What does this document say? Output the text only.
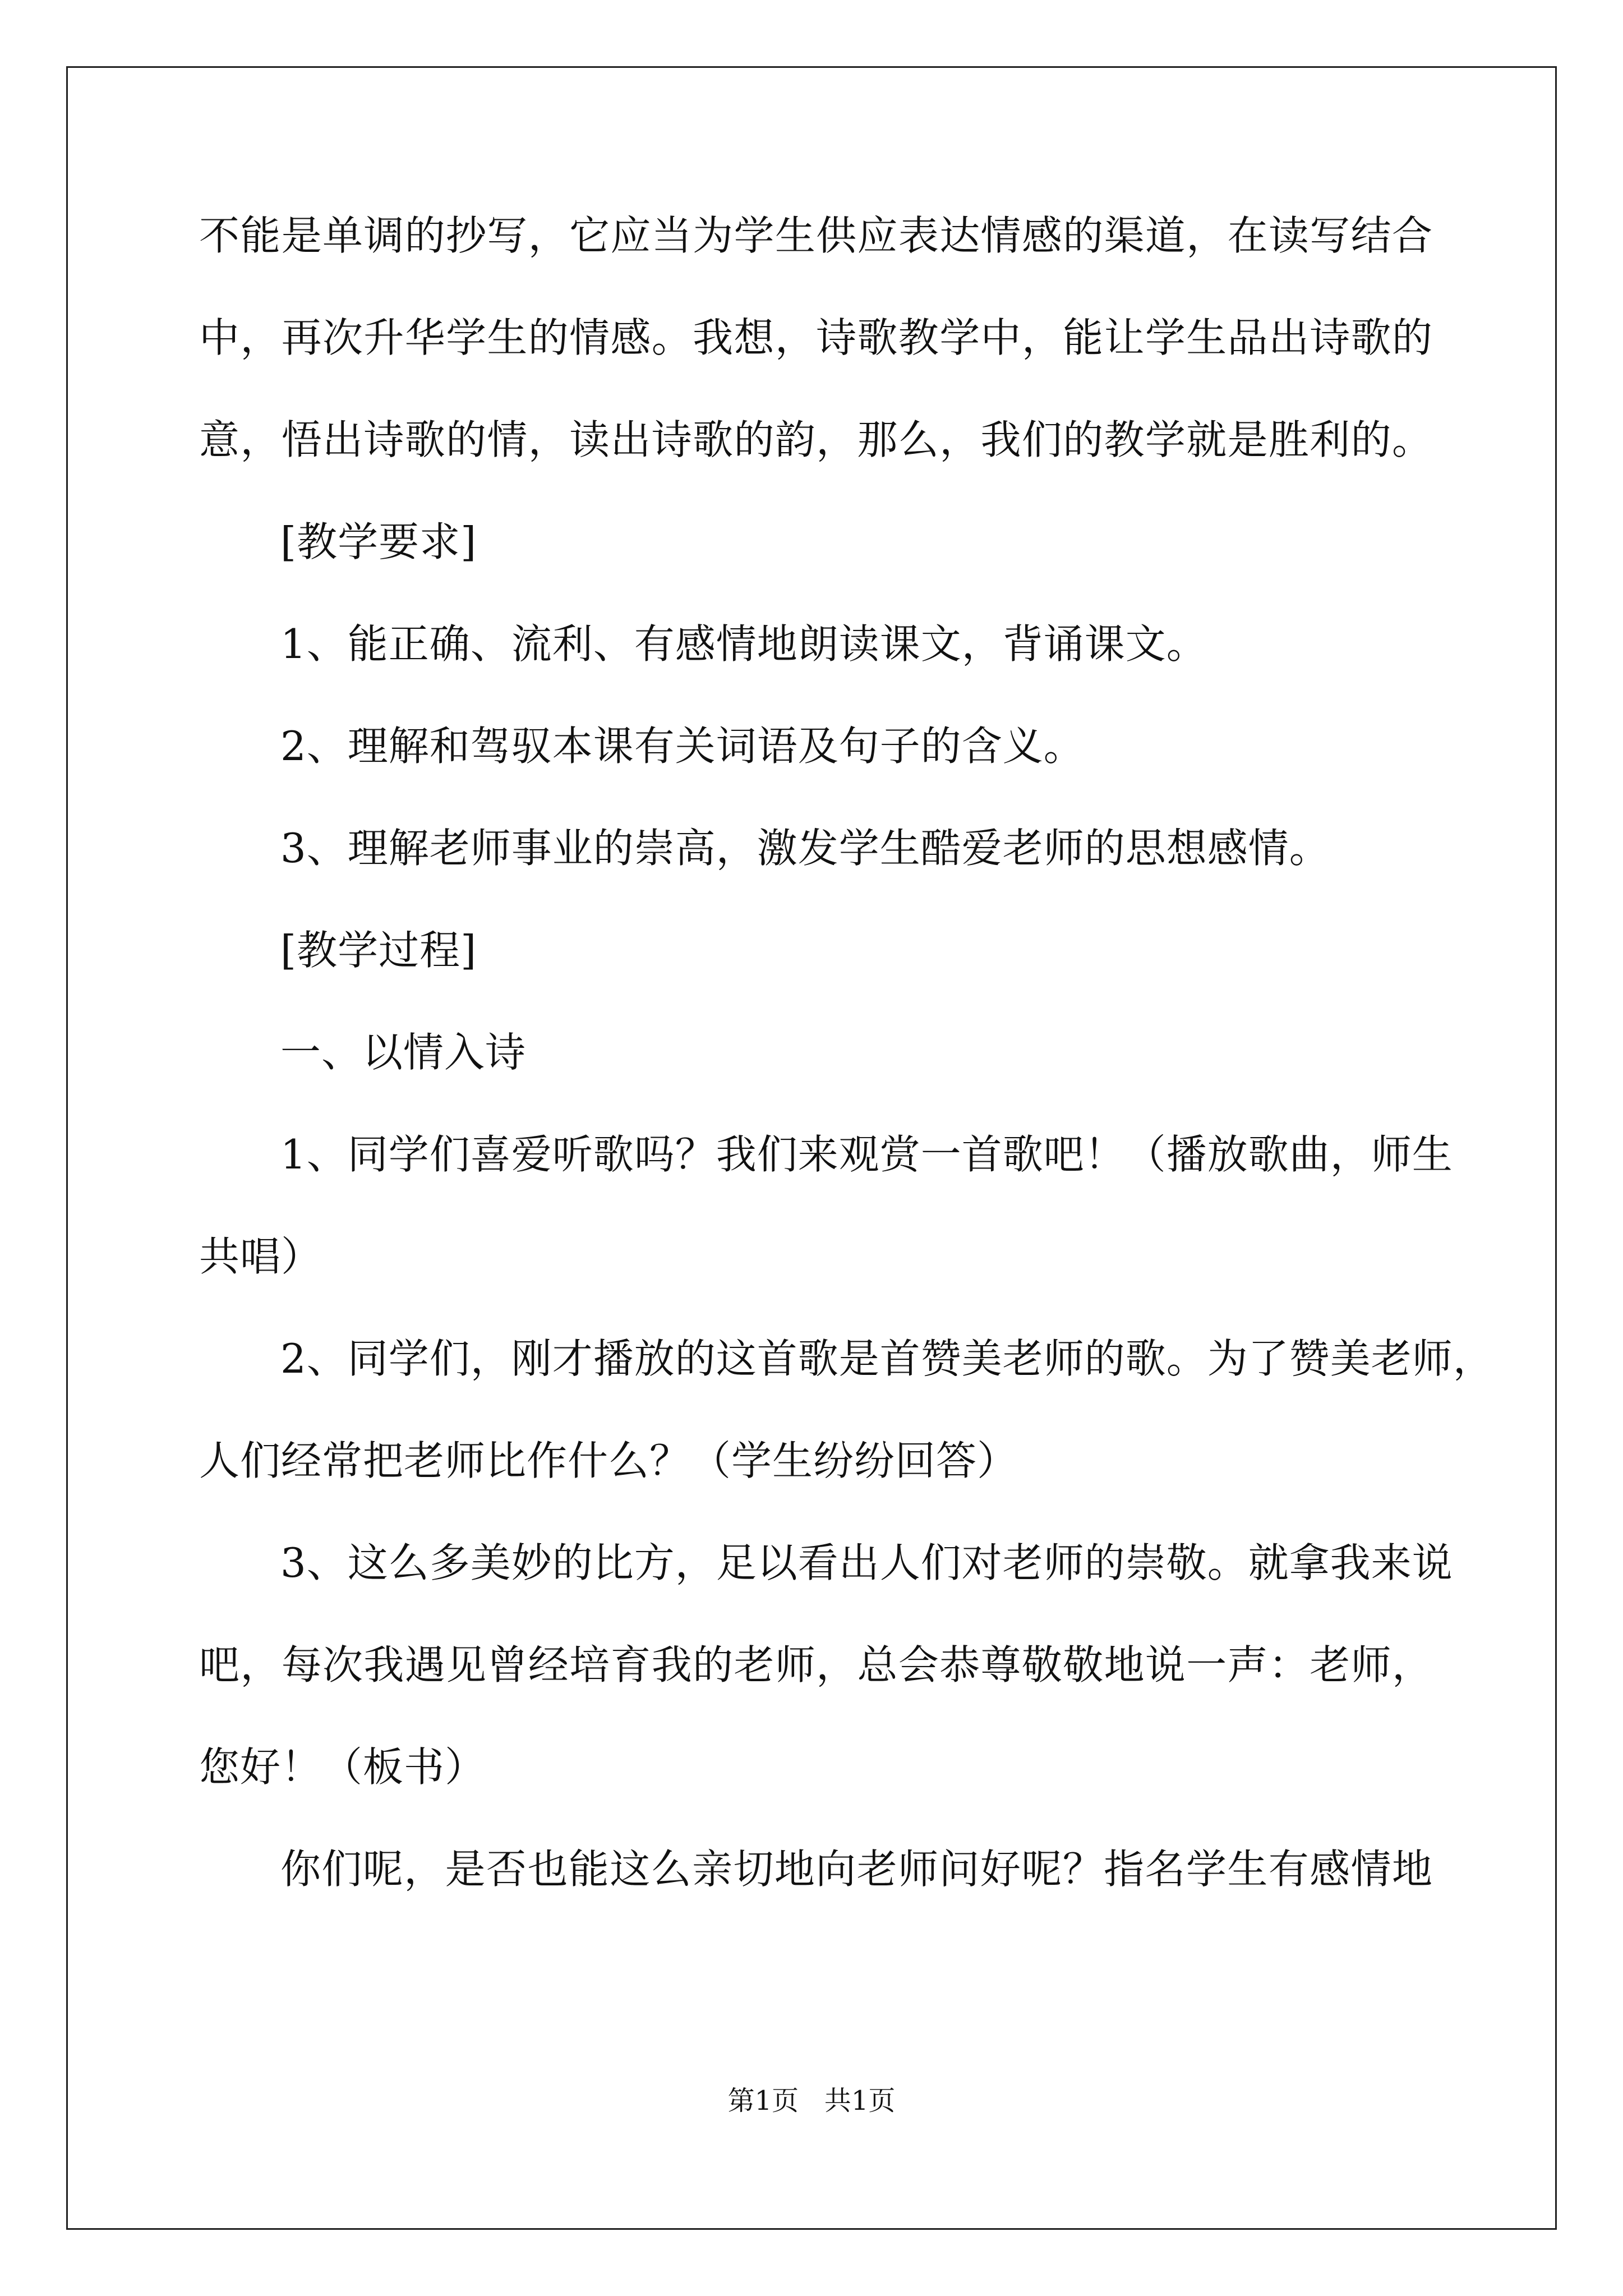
不能是单调的抄写，它应当为学生供应表达情感的渠道，在读写结合
中，再次升华学生的情感。我想，诗歌教学中，能让学生品出诗歌的
意，悟出诗歌的情，读出诗歌的韵，那么，我们的教学就是胜利的。
[教学要求]
1、能正确、流利、有感情地朗读课文，背诵课文。
2、理解和驾驭本课有关词语及句子的含义。
3、理解老师事业的崇高，激发学生酷爱老师的思想感情。
[教学过程]
一、以情入诗
1、同学们喜爱听歌吗？我们来观赏一首歌吧！（播放歌曲，师生
共唱）
2、同学们，刚才播放的这首歌是首赞美老师的歌。为了赞美老师，
人们经常把老师比作什么？（学生纷纷回答）
3、这么多美妙的比方，足以看出人们对老师的崇敬。就拿我来说
吧，每次我遇见曾经培育我的老师，总会恭尊敬敬地说一声：老师，
您好！（板书）
你们呢，是否也能这么亲切地向老师问好呢？指名学生有感情地
第1页   共1页
